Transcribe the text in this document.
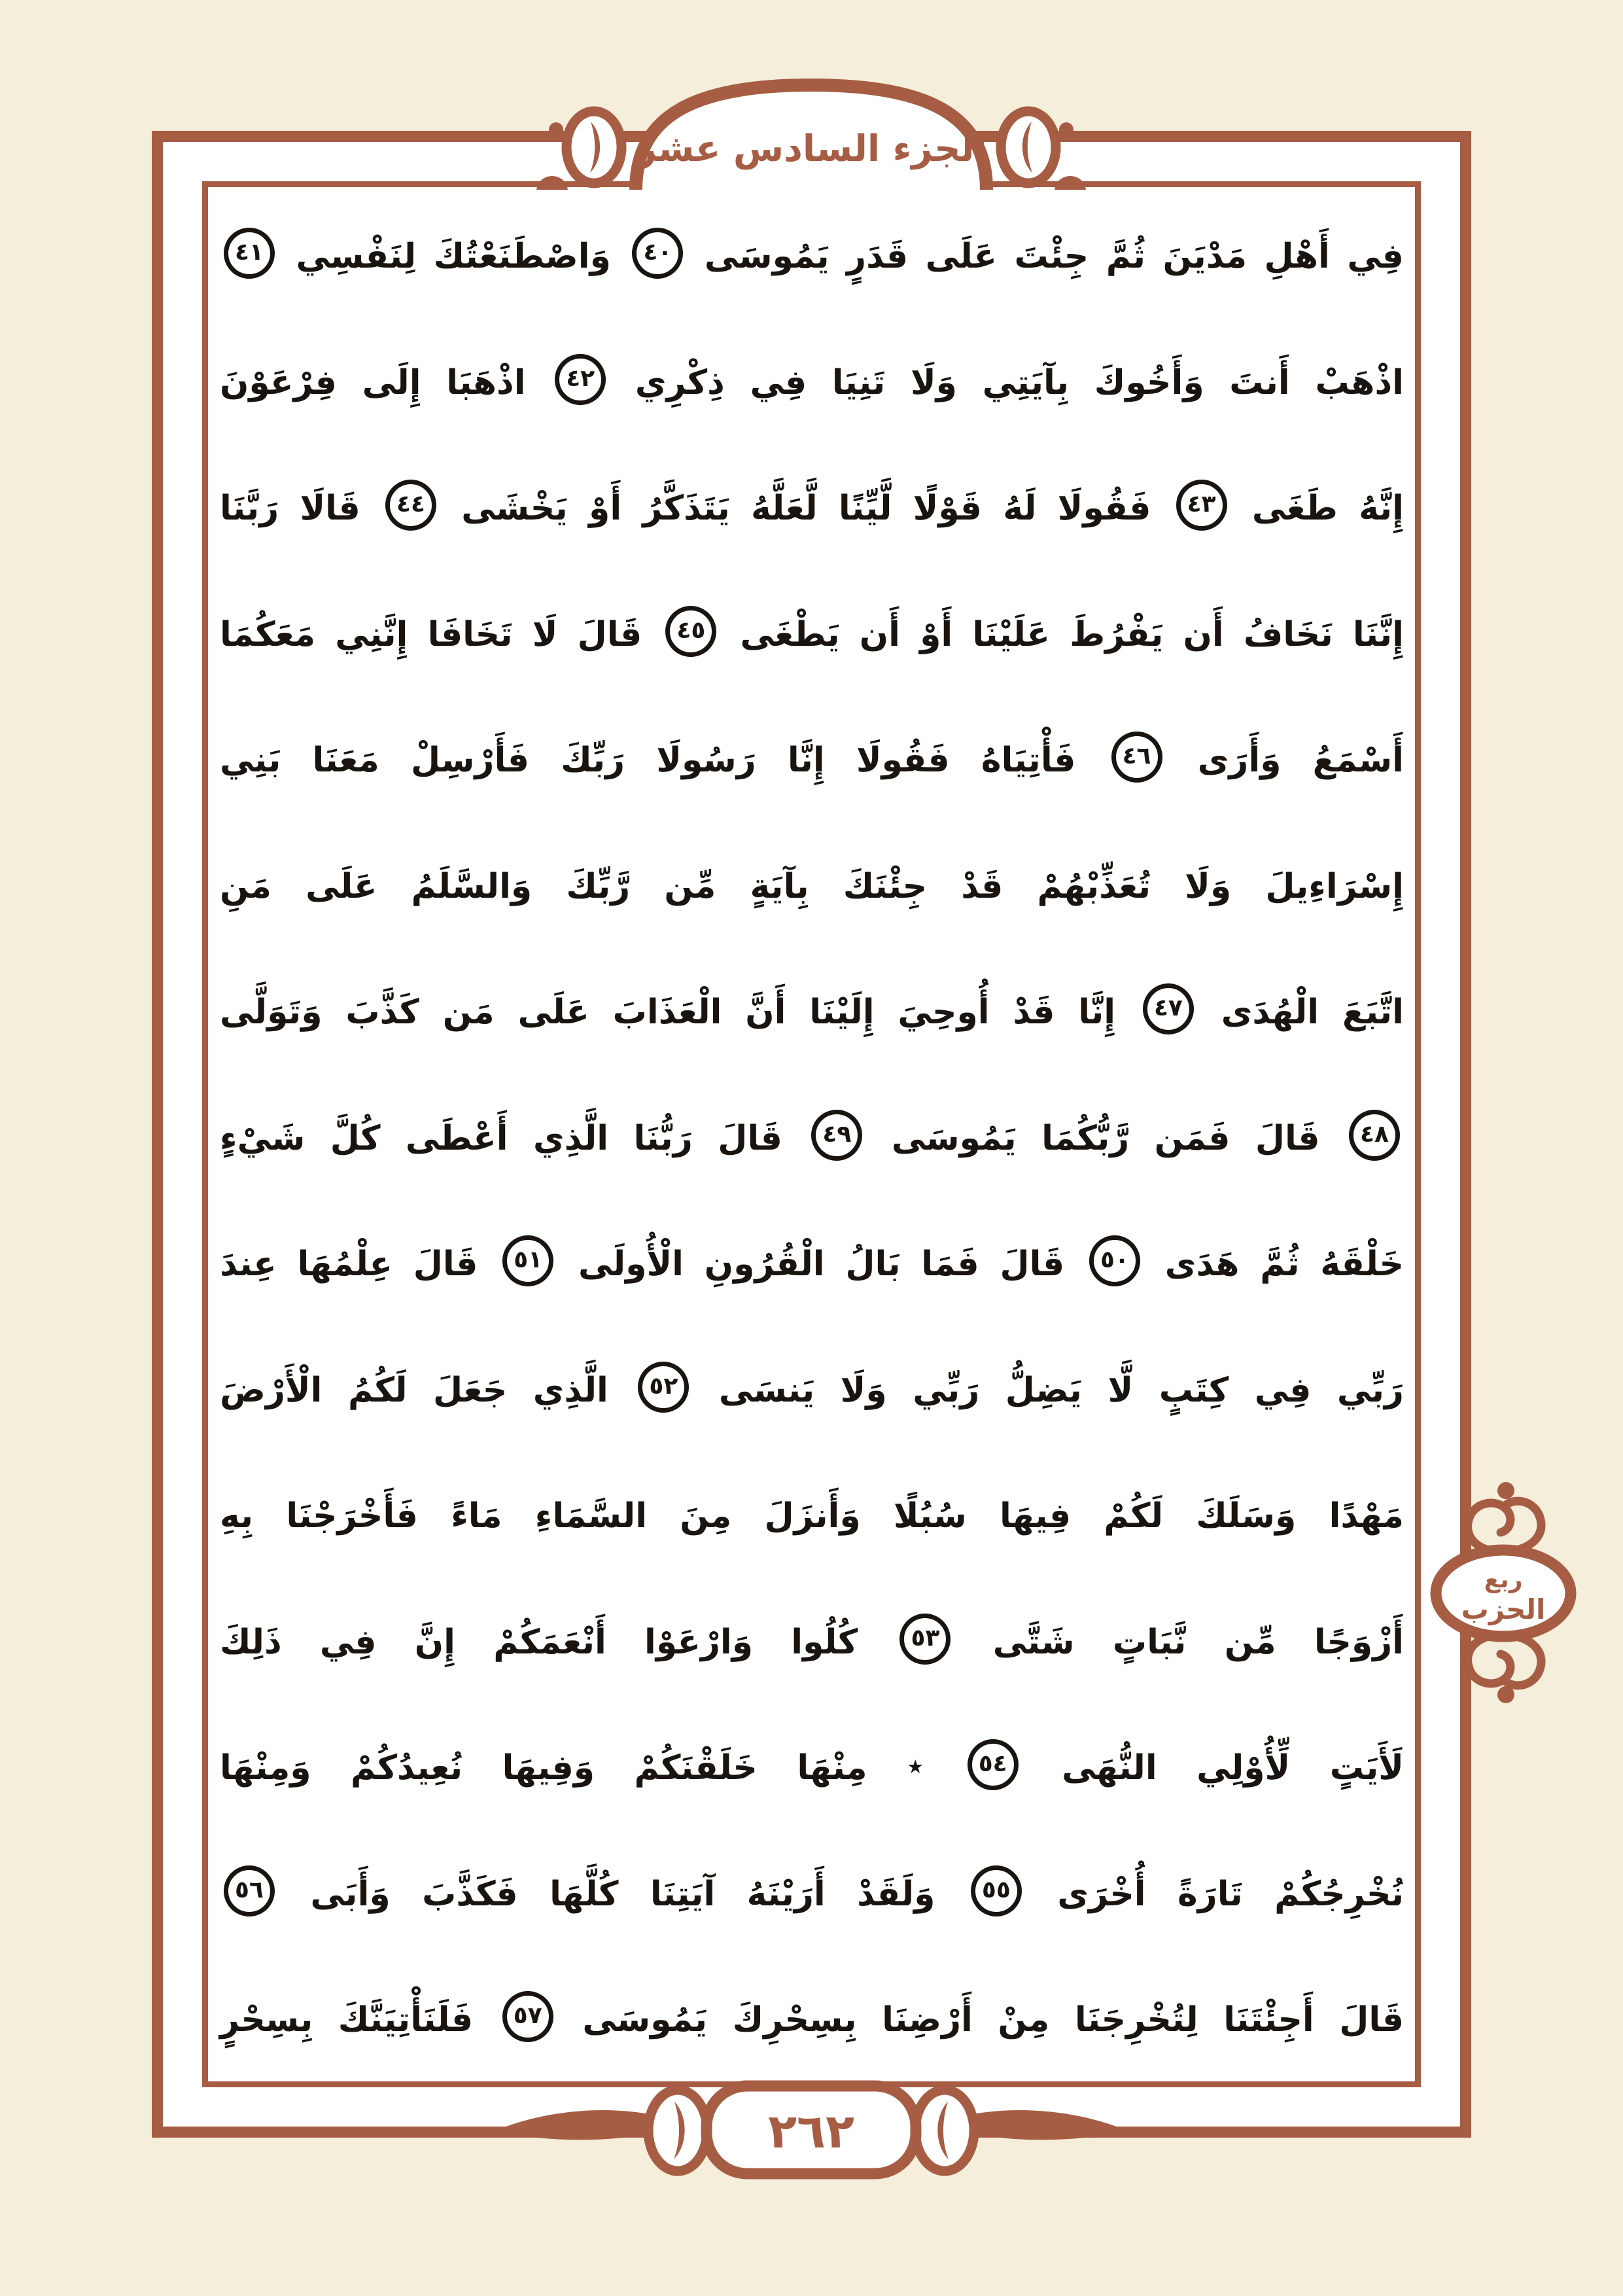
فِي أَهْلِ مَدْيَنَ ثُمَّ جِئْتَ عَلَى قَدَرٍ يَمُوسَى ٤٠ وَاصْطَنَعْتُكَ لِنَفْسِي ٤١
اذْهَبْ أَنتَ وَأَخُوكَ بِآيَتِي وَلَا تَنِيَا فِي ذِكْرِي ٤٢ اذْهَبَا إِلَى فِرْعَوْنَ
إِنَّهُ طَغَى ٤٣ فَقُولَا لَهُ قَوْلًا لَّيِّنًا لَّعَلَّهُ يَتَذَكَّرُ أَوْ يَخْشَى ٤٤ قَالَا رَبَّنَا
إِنَّنَا نَخَافُ أَن يَفْرُطَ عَلَيْنَا أَوْ أَن يَطْغَى ٤٥ قَالَ لَا تَخَافَا إِنَّنِي مَعَكُمَا
أَسْمَعُ وَأَرَى ٤٦ فَأْتِيَاهُ فَقُولَا إِنَّا رَسُولَا رَبِّكَ فَأَرْسِلْ مَعَنَا بَنِي
إِسْرَاءِيلَ وَلَا تُعَذِّبْهُمْ قَدْ جِئْنَكَ بِآيَةٍ مِّن رَّبِّكَ وَالسَّلَمُ عَلَى مَنِ
اتَّبَعَ الْهُدَى ٤٧ إِنَّا قَدْ أُوحِيَ إِلَيْنَا أَنَّ الْعَذَابَ عَلَى مَن كَذَّبَ وَتَوَلَّى
٤٨ قَالَ فَمَن رَّبُّكُمَا يَمُوسَى ٤٩ قَالَ رَبُّنَا الَّذِي أَعْطَى كُلَّ شَيْءٍ
خَلْقَهُ ثُمَّ هَدَى ٥٠ قَالَ فَمَا بَالُ الْقُرُونِ الْأُولَى ٥١ قَالَ عِلْمُهَا عِندَ
رَبِّي فِي كِتَبٍ لَّا يَضِلُّ رَبِّي وَلَا يَنسَى ٥٢ الَّذِي جَعَلَ لَكُمُ الْأَرْضَ
مَهْدًا وَسَلَكَ لَكُمْ فِيهَا سُبُلًا وَأَنزَلَ مِنَ السَّمَاءِ مَاءً فَأَخْرَجْنَا بِهِ
أَزْوَجًا مِّن نَّبَاتٍ شَتَّى ٥٣ كُلُوا وَارْعَوْا أَنْعَمَكُمْ إِنَّ فِي ذَلِكَ
لَأَيَتٍ لِّأُوْلِي النُّهَى ٥٤ ٭ مِنْهَا خَلَقْنَكُمْ وَفِيهَا نُعِيدُكُمْ وَمِنْهَا
نُخْرِجُكُمْ تَارَةً أُخْرَى ٥٥ وَلَقَدْ أَرَيْنَهُ آيَتِنَا كُلَّهَا فَكَذَّبَ وَأَبَى ٥٦
قَالَ أَجِئْتَنَا لِتُخْرِجَنَا مِنْ أَرْضِنَا بِسِحْرِكَ يَمُوسَى ٥٧ فَلَنَأْتِيَنَّكَ بِسِحْرٍ
الجزء السادس عشر
ربع
الحزب
٢٦٢
